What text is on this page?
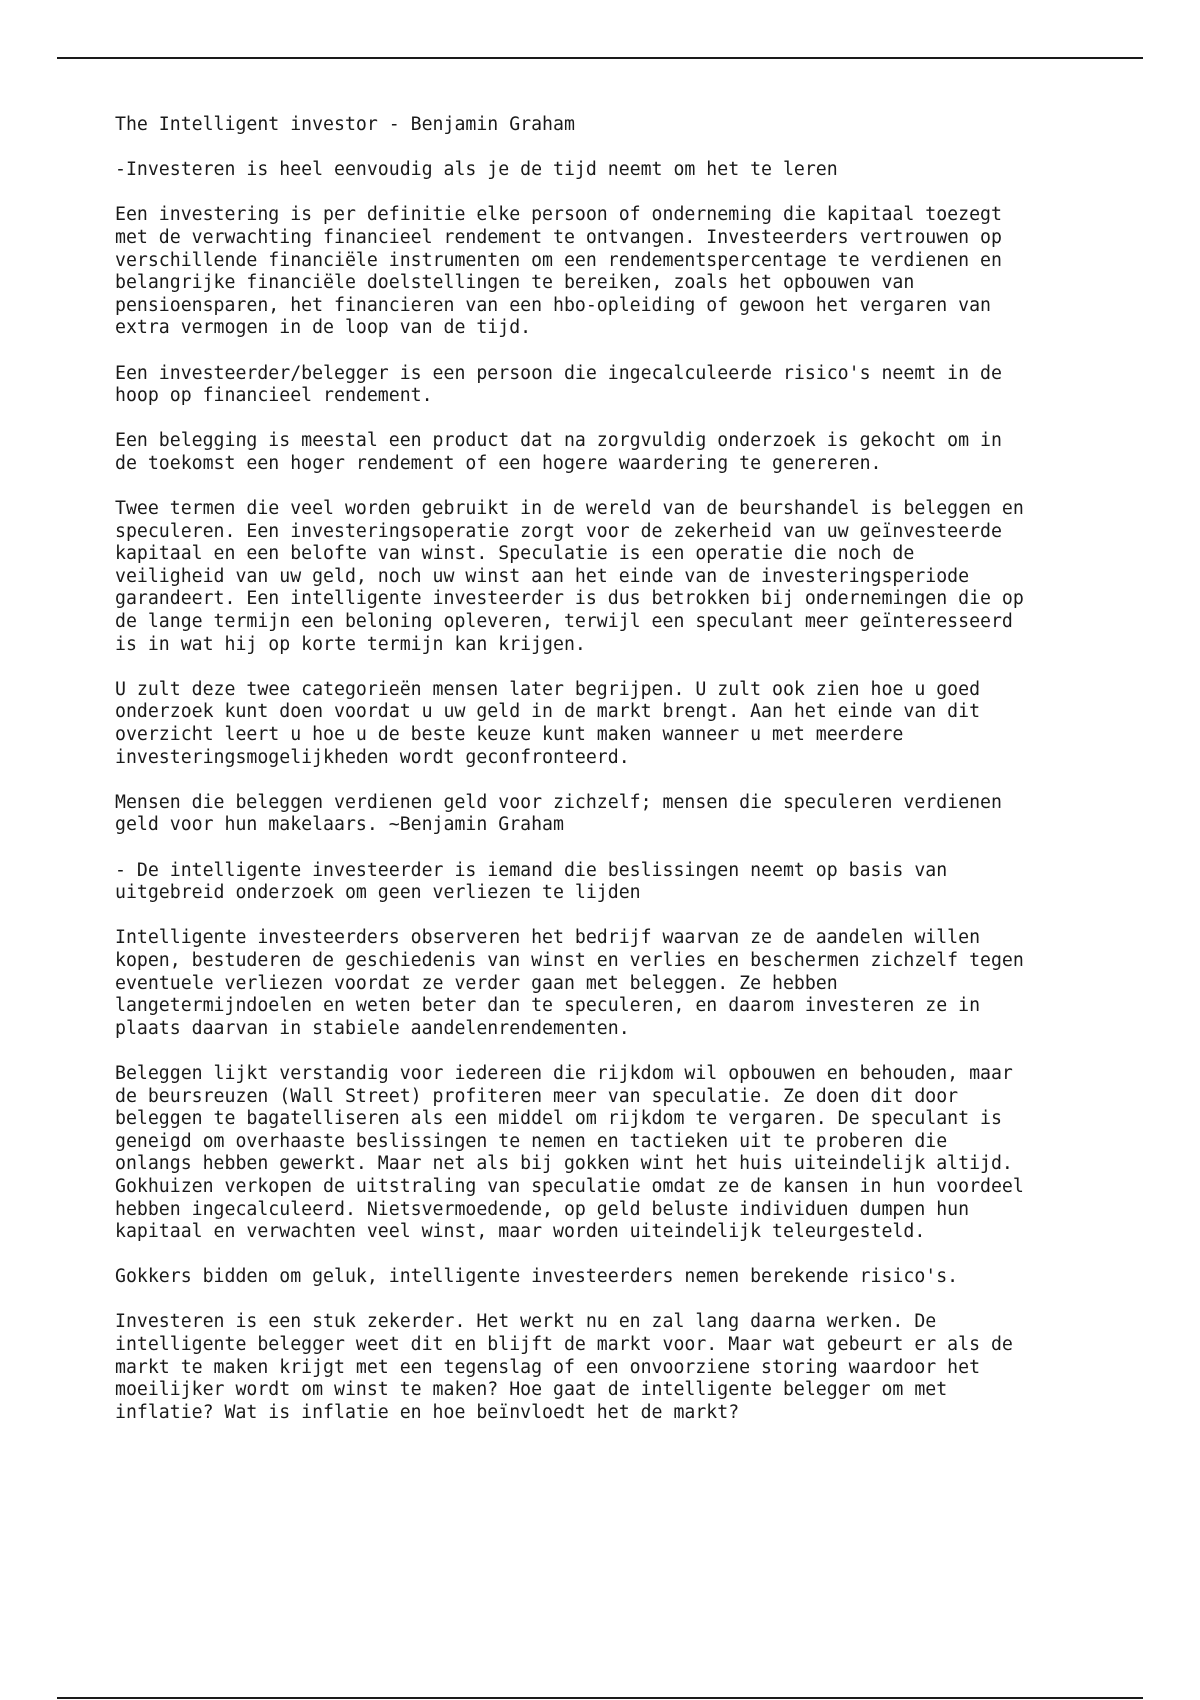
The Intelligent investor - Benjamin Graham

-Investeren is heel eenvoudig als je de tijd neemt om het te leren

Een investering is per definitie elke persoon of onderneming die kapitaal toezegt
met de verwachting financieel rendement te ontvangen. Investeerders vertrouwen op
verschillende financiële instrumenten om een rendementspercentage te verdienen en
belangrijke financiële doelstellingen te bereiken, zoals het opbouwen van
pensioensparen, het financieren van een hbo-opleiding of gewoon het vergaren van
extra vermogen in de loop van de tijd.

Een investeerder/belegger is een persoon die ingecalculeerde risico's neemt in de
hoop op financieel rendement.

Een belegging is meestal een product dat na zorgvuldig onderzoek is gekocht om in
de toekomst een hoger rendement of een hogere waardering te genereren.

Twee termen die veel worden gebruikt in de wereld van de beurshandel is beleggen en
speculeren. Een investeringsoperatie zorgt voor de zekerheid van uw geïnvesteerde
kapitaal en een belofte van winst. Speculatie is een operatie die noch de
veiligheid van uw geld, noch uw winst aan het einde van de investeringsperiode
garandeert. Een intelligente investeerder is dus betrokken bij ondernemingen die op
de lange termijn een beloning opleveren, terwijl een speculant meer geïnteresseerd
is in wat hij op korte termijn kan krijgen.

U zult deze twee categorieën mensen later begrijpen. U zult ook zien hoe u goed
onderzoek kunt doen voordat u uw geld in de markt brengt. Aan het einde van dit
overzicht leert u hoe u de beste keuze kunt maken wanneer u met meerdere
investeringsmogelijkheden wordt geconfronteerd.

Mensen die beleggen verdienen geld voor zichzelf; mensen die speculeren verdienen
geld voor hun makelaars. ~Benjamin Graham

- De intelligente investeerder is iemand die beslissingen neemt op basis van
uitgebreid onderzoek om geen verliezen te lijden

Intelligente investeerders observeren het bedrijf waarvan ze de aandelen willen
kopen, bestuderen de geschiedenis van winst en verlies en beschermen zichzelf tegen
eventuele verliezen voordat ze verder gaan met beleggen. Ze hebben
langetermijndoelen en weten beter dan te speculeren, en daarom investeren ze in
plaats daarvan in stabiele aandelenrendementen.

Beleggen lijkt verstandig voor iedereen die rijkdom wil opbouwen en behouden, maar
de beursreuzen (Wall Street) profiteren meer van speculatie. Ze doen dit door
beleggen te bagatelliseren als een middel om rijkdom te vergaren. De speculant is
geneigd om overhaaste beslissingen te nemen en tactieken uit te proberen die
onlangs hebben gewerkt. Maar net als bij gokken wint het huis uiteindelijk altijd.
Gokhuizen verkopen de uitstraling van speculatie omdat ze de kansen in hun voordeel
hebben ingecalculeerd. Nietsvermoedende, op geld beluste individuen dumpen hun
kapitaal en verwachten veel winst, maar worden uiteindelijk teleurgesteld.

Gokkers bidden om geluk, intelligente investeerders nemen berekende risico's.

Investeren is een stuk zekerder. Het werkt nu en zal lang daarna werken. De
intelligente belegger weet dit en blijft de markt voor. Maar wat gebeurt er als de
markt te maken krijgt met een tegenslag of een onvoorziene storing waardoor het
moeilijker wordt om winst te maken? Hoe gaat de intelligente belegger om met
inflatie? Wat is inflatie en hoe beïnvloedt het de markt?
